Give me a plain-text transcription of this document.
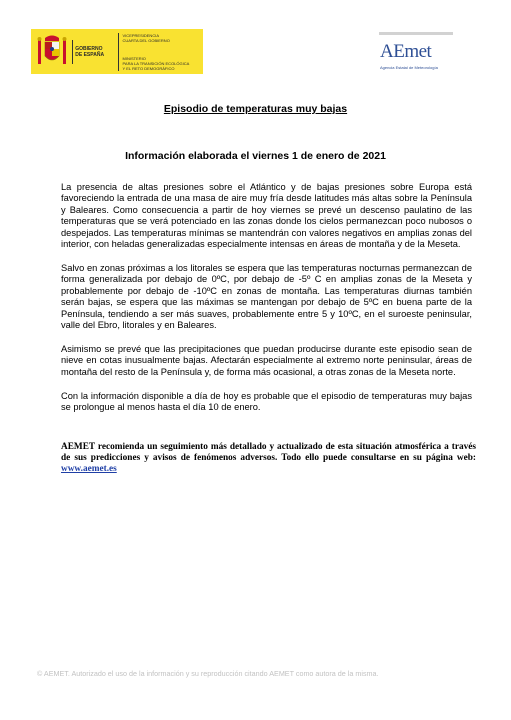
GOBIERNO
DE ESPAÑA
VICEPRESIDENCIA
CUARTA DEL GOBIERNO
MINISTERIO
PARA LA TRANSICIÓN ECOLÓGICA
Y EL RETO DEMOGRÁFICO
AEmet
Agencia Estatal de Meteorología
Episodio de temperaturas muy bajas
Información elaborada el viernes 1 de enero de 2021

La presencia de altas presiones sobre el Atlántico y de bajas presiones sobre Europa está favoreciendo la entrada de una masa de aire muy fría desde latitudes más altas sobre la Península y Baleares. Como consecuencia a partir de hoy viernes se prevé un descenso paulatino de las temperaturas que se verá potenciado en las zonas donde los cielos permanezcan poco nubosos o despejados. Las temperaturas mínimas se mantendrán con valores negativos en amplias zonas del interior, con heladas generalizadas especialmente intensas en áreas de montaña y de la Meseta.

Salvo en zonas próximas a los litorales se espera que las temperaturas nocturnas permanezcan de forma generalizada por debajo de 0ºC, por debajo de -5º C en amplias zonas de la Meseta y probablemente por debajo de -10ºC en zonas de montaña. Las temperaturas diurnas también serán bajas, se espera que las máximas se mantengan por debajo de 5ºC en buena parte de la Península, tendiendo a ser más suaves, probablemente entre 5 y 10ºC, en el suroeste peninsular, valle del Ebro, litorales y en Baleares.

Asimismo se prevé que las precipitaciones que puedan producirse durante este episodio sean de nieve en cotas inusualmente bajas. Afectarán especialmente al extremo norte peninsular, áreas de montaña del resto de la Península y, de forma más ocasional, a otras zonas de la Meseta norte.

Con la información disponible a día de hoy es probable que el episodio de temperaturas muy bajas se prolongue al menos hasta el día 10 de enero.

AEMET recomienda un seguimiento más detallado y actualizado de esta situación atmosférica a través de sus predicciones y avisos de fenómenos adversos. Todo ello puede consultarse en su página web: www.aemet.es
© AEMET. Autorizado el uso de la información y su reproducción citando AEMET como autora de la misma.
